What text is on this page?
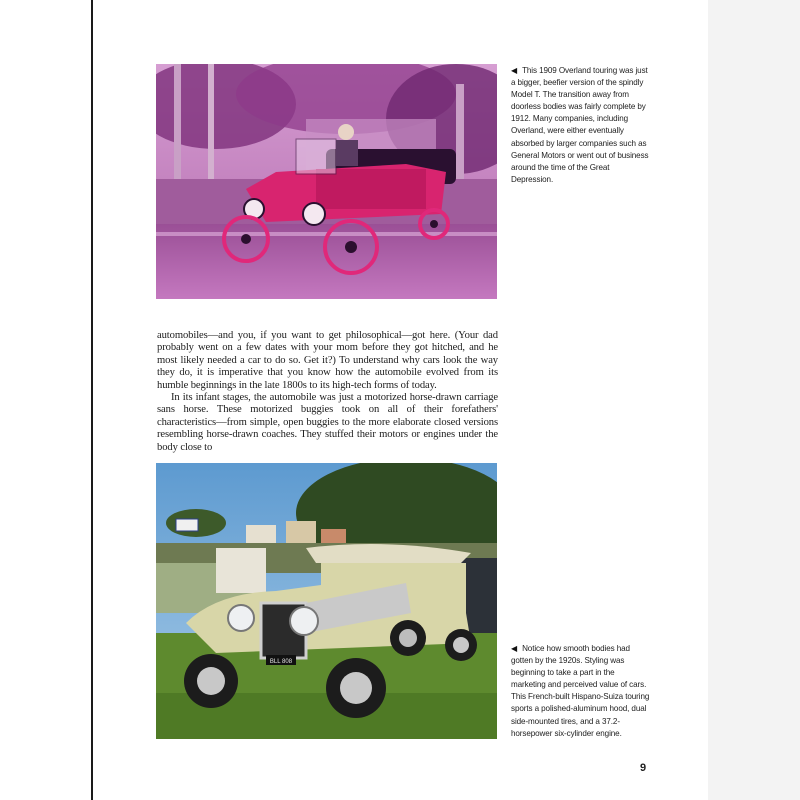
◀ This 1909 Overland touring was just a bigger, beefier version of the spindly Model T. The transition away from doorless bodies was fairly complete by 1912. Many companies, including Overland, were either eventually absorbed by larger companies such as General Motors or went out of business around the time of the Great Depression.

automobiles—and you, if you want to get philosophical—got here. (Your dad probably went on a few dates with your mom before they got hitched, and he most likely needed a car to do so. Get it?) To understand why cars look the way they do, it is imperative that you know how the automobile evolved from its humble beginnings in the late 1800s to its high-tech forms of today.

In its infant stages, the automobile was just a motorized horse-drawn carriage sans horse. These motorized buggies took on all of their forefathers' characteristics—from simple, open buggies to the more elaborate closed versions resembling horse-drawn coaches. They stuffed their motors or engines under the body close to

BLL 808
◀ Notice how smooth bodies had gotten by the 1920s. Styling was beginning to take a part in the marketing and perceived value of cars. This French-built Hispano-Suiza touring sports a polished-aluminum hood, dual side-mounted tires, and a 37.2-horsepower six-cylinder engine.
9
